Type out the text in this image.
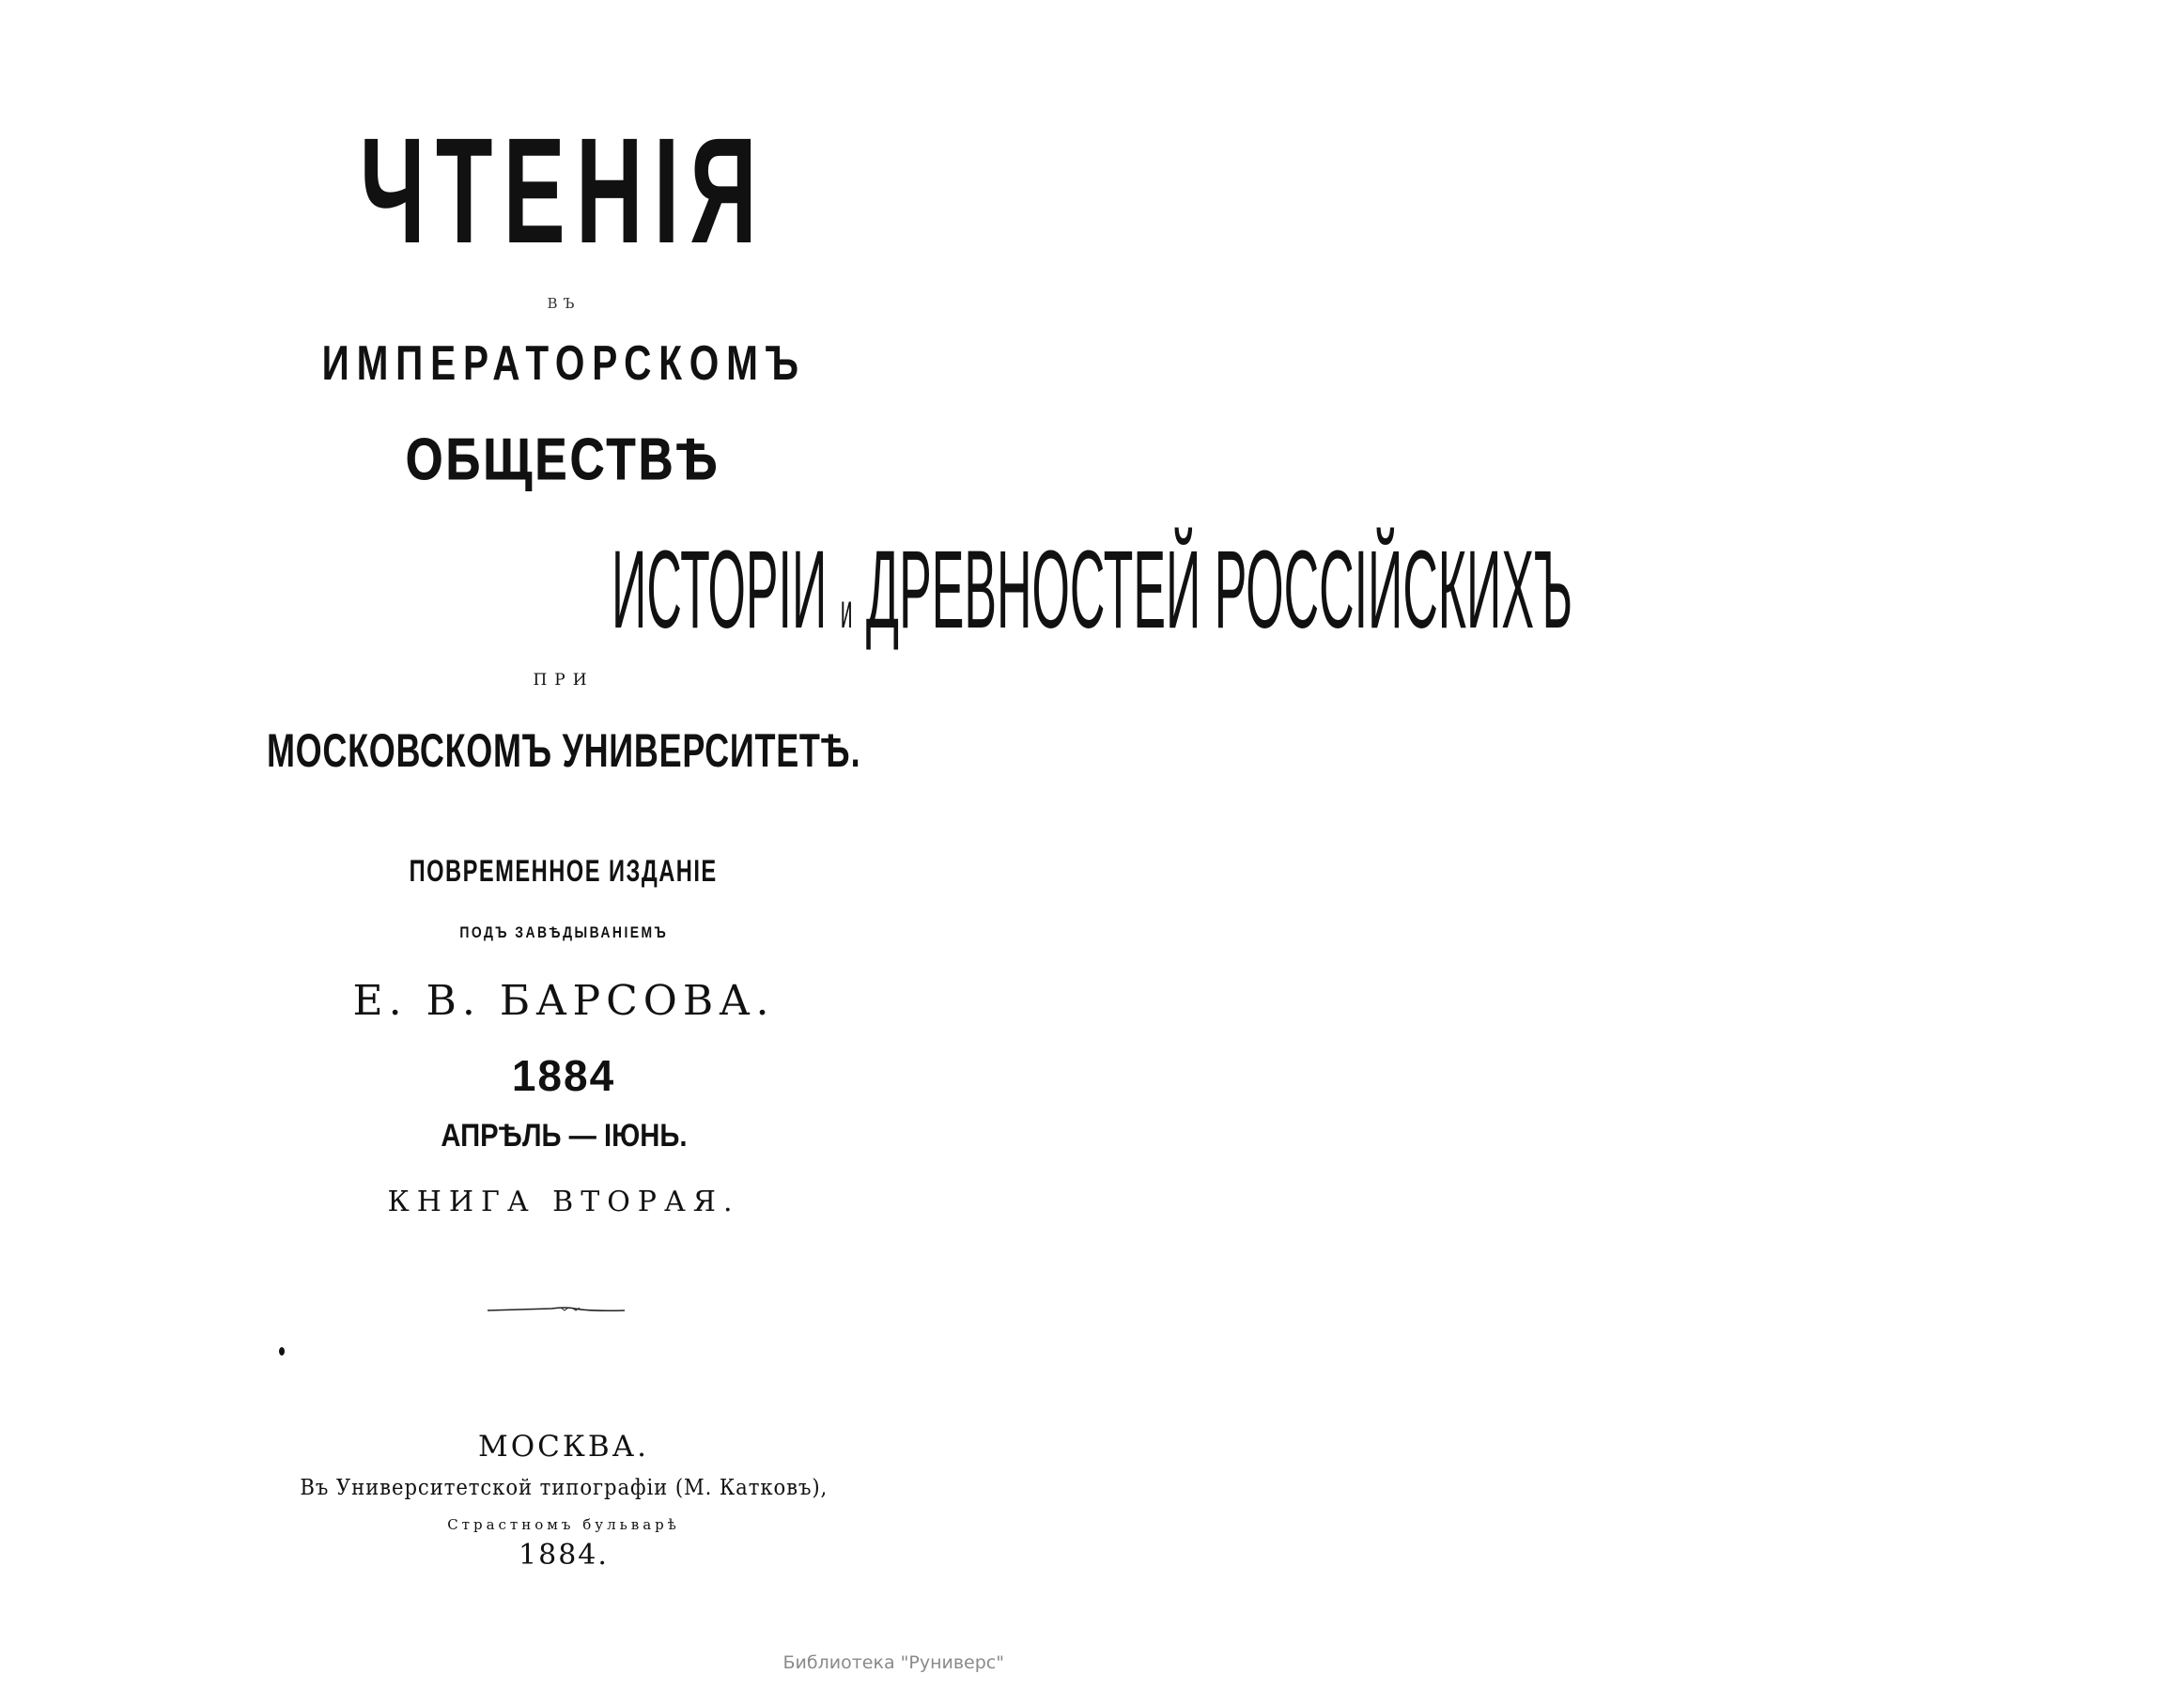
ЧТЕНІЯ

ВЪ

ИМПЕРАТОРСКОМЪ

ОБЩЕСТВѢ

ИСТОРІИ и ДРЕВНОСТЕЙ РОССІЙСКИХЪ

ПРИ

МОСКОВСКОМЪ УНИВЕРСИТЕТѢ.

ПОВРЕМЕННОЕ ИЗДАНІЕ

ПОДЪ ЗАВѢДЫВАНІЕМЪ

Е. В. БАРСОВА.

1884

АПРѢЛЬ — ІЮНЬ.

КНИГА ВТОРАЯ.

МОСКВА.

Въ Университетской типографіи (М. Катковъ),

Страстномъ бульварѣ

1884.

Библиотека "Руниверс"
